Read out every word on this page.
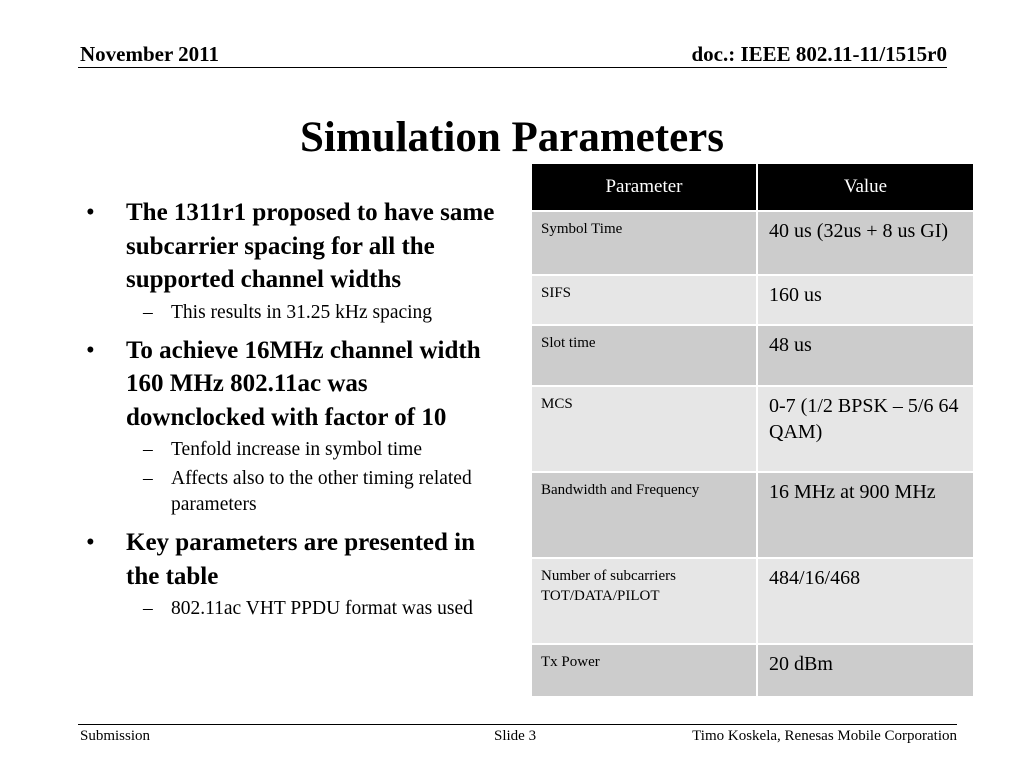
November 2011	doc.: IEEE 802.11-11/1515r0
Simulation Parameters
• The 1311r1 proposed to have same subcarrier spacing for all the supported channel widths
– This results in 31.25 kHz spacing
• To achieve 16MHz channel width 160 MHz 802.11ac was downclocked with factor of 10
– Tenfold increase in symbol time
– Affects also to the other timing related parameters
• Key parameters are presented in the table
– 802.11ac VHT PPDU format was used
Parameter	Value
Symbol Time	40 us (32us + 8 us GI)
SIFS	160 us
Slot time	48 us
MCS	0-7 (1/2 BPSK – 5/6 64 QAM)
Bandwidth and Frequency	16 MHz at 900 MHz
Number of subcarriers TOT/DATA/PILOT	484/16/468
Tx Power	20 dBm
Submission	Slide 3	Timo Koskela, Renesas Mobile Corporation
